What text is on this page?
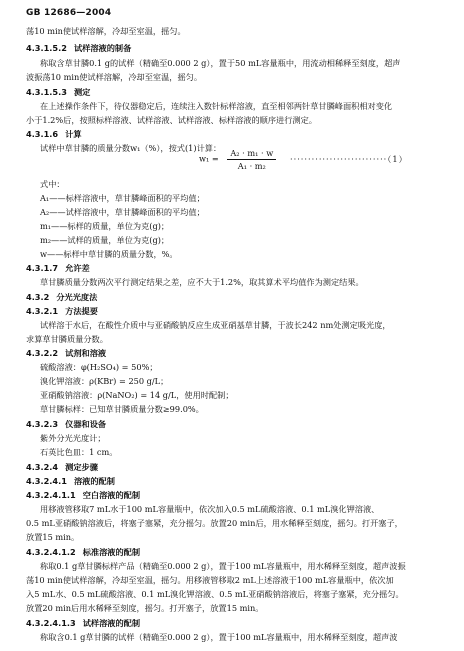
GB 12686—2004
荡10 min使试样溶解，冷却至室温，摇匀。
4.3.1.5.2 试样溶液的制备
称取含草甘膦0.1 g的试样（精确至0.000 2 g），置于50 mL容量瓶中，用流动相稀释至刻度，超声
波振荡10 min使试样溶解，冷却至室温，摇匀。
4.3.1.5.3 测定
在上述操作条件下，待仪器稳定后，连续注入数针标样溶液，直至相邻两针草甘膦峰面积相对变化
小于1.2%后，按照标样溶液、试样溶液、试样溶液、标样溶液的顺序进行测定。
4.3.1.6 计算
试样中草甘膦的质量分数w₁（%），按式(1)计算：
$w_1 = \frac{\text{A₂ · m₁ · w}}{\text{A₁ · m₂}} \cdot\cdot\cdot\cdot\cdot\cdot\cdot\cdot\cdot\cdot\cdot\cdot\cdot\cdot\cdot\cdot\cdot\cdot\cdot\cdot\cdot\cdot\cdot\cdot\cdot\cdot\cdot(1)$
式中：
A₁——标样溶液中，草甘膦峰面积的平均值；
A₂——试样溶液中，草甘膦峰面积的平均值；
m₁——标样的质量，单位为克(g)；
m₂——试样的质量，单位为克(g)；
w——标样中草甘膦的质量分数，%。
4.3.1.7 允许差
草甘膦质量分数两次平行测定结果之差，应不大于1.2%，取其算术平均值作为测定结果。
4.3.2 分光光度法
4.3.2.1 方法提要
试样溶于水后，在酸性介质中与亚硝酸钠反应生成亚硝基草甘膦，于波长242 nm处测定吸光度，
求算草甘膦质量分数。
4.3.2.2 试剂和溶液
硫酸溶液：φ(H₂SO₄) = 50%；
溴化钾溶液：ρ(KBr) = 250 g/L；
亚硝酸钠溶液：ρ(NaNO₂) = 14 g/L，使用时配制；
草甘膦标样：已知草甘膦质量分数≥99.0%。
4.3.2.3 仪器和设备
紫外分光光度计；
石英比色皿：1 cm。
4.3.2.4 测定步骤
4.3.2.4.1 溶液的配制
4.3.2.4.1.1 空白溶液的配制
用移液管移取7 mL水于100 mL容量瓶中，依次加入0.5 mL硫酸溶液、0.1 mL溴化钾溶液、
0.5 mL亚硝酸钠溶液后，将塞子塞紧，充分摇匀。放置20 min后，用水稀释至刻度，摇匀。打开塞子，
放置15 min。
4.3.2.4.1.2 标准溶液的配制
称取0.1 g草甘膦标样产品（精确至0.000 2 g），置于100 mL容量瓶中，用水稀释至刻度，超声波振
荡10 min使试样溶解，冷却至室温，摇匀。用移液管移取2 mL上述溶液于100 mL容量瓶中，依次加
入5 mL水、0.5 mL硫酸溶液、0.1 mL溴化钾溶液、0.5 mL亚硝酸钠溶液后，将塞子塞紧，充分摇匀。
放置20 min后用水稀释至刻度，摇匀。打开塞子，放置15 min。
4.3.2.4.1.3 试样溶液的配制
称取含0.1 g草甘膦的试样（精确至0.000 2 g），置于100 mL容量瓶中，用水稀释至刻度，超声波
